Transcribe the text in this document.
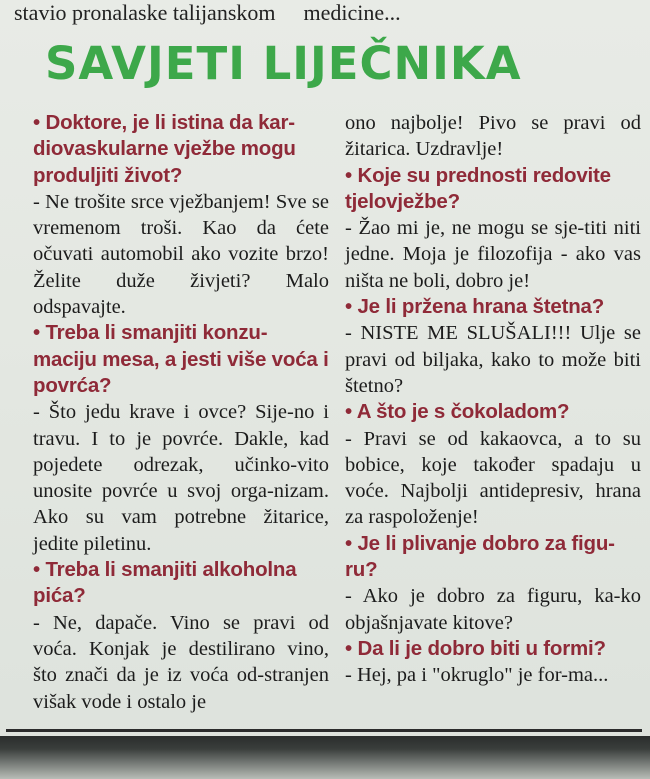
stavio pronalaske talijanskom medicine...
SAVJETI LIJEČNIKA

• Doktore, je li istina da kar-diovaskularne vježbe mogu produljiti život?

- Ne trošite srce vježbanjem! Sve se vremenom troši. Kao da ćete očuvati automobil ako vozite brzo! Želite duže živjeti? Malo odspavajte.

• Treba li smanjiti konzu-maciju mesa, a jesti više voća i povrća?

- Što jedu krave i ovce? Sije-no i travu. I to je povrće. Dakle, kad pojedete odrezak, učinko-vito unosite povrće u svoj orga-nizam. Ako su vam potrebne žitarice, jedite piletinu.

• Treba li smanjiti alkoholna pića?

- Ne, dapače. Vino se pravi od voća. Konjak je destilirano vino, što znači da je iz voća od-stranjen višak vode i ostalo je

ono najbolje! Pivo se pravi od žitarica. Uzdravlje!

• Koje su prednosti redovite tjelovježbe?

- Žao mi je, ne mogu se sje-titi niti jedne. Moja je filozofija - ako vas ništa ne boli, dobro je!

• Je li pržena hrana štetna?

- NISTE ME SLUŠALI!!! Ulje se pravi od biljaka, kako to može biti štetno?

• A što je s čokoladom?

- Pravi se od kakaovca, a to su bobice, koje također spadaju u voće. Najbolji antidepresiv, hrana za raspoloženje!

• Je li plivanje dobro za figu-ru?

- Ako je dobro za figuru, ka-ko objašnjavate kitove?

• Da li je dobro biti u formi?

- Hej, pa i "okruglo" je for-ma...
